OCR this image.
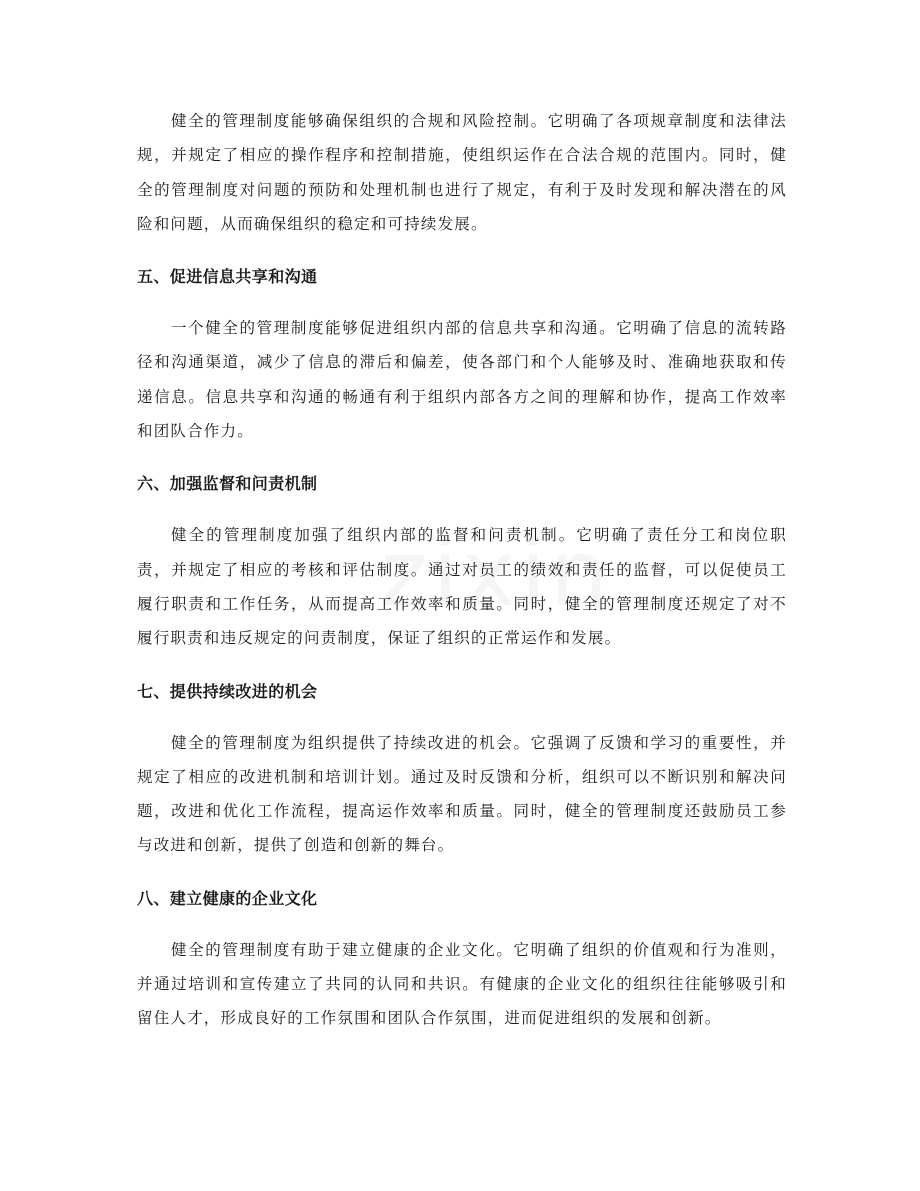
健全的管理制度能够确保组织的合规和风险控制。它明确了各项规章制度和法律法规，并规定了相应的操作程序和控制措施，使组织运作在合法合规的范围内。同时，健全的管理制度对问题的预防和处理机制也进行了规定，有利于及时发现和解决潜在的风险和问题，从而确保组织的稳定和可持续发展。

五、促进信息共享和沟通

一个健全的管理制度能够促进组织内部的信息共享和沟通。它明确了信息的流转路径和沟通渠道，减少了信息的滞后和偏差，使各部门和个人能够及时、准确地获取和传递信息。信息共享和沟通的畅通有利于组织内部各方之间的理解和协作，提高工作效率和团队合作力。

六、加强监督和问责机制

健全的管理制度加强了组织内部的监督和问责机制。它明确了责任分工和岗位职责，并规定了相应的考核和评估制度。通过对员工的绩效和责任的监督，可以促使员工履行职责和工作任务，从而提高工作效率和质量。同时，健全的管理制度还规定了对不履行职责和违反规定的问责制度，保证了组织的正常运作和发展。

七、提供持续改进的机会

健全的管理制度为组织提供了持续改进的机会。它强调了反馈和学习的重要性，并规定了相应的改进机制和培训计划。通过及时反馈和分析，组织可以不断识别和解决问题，改进和优化工作流程，提高运作效率和质量。同时，健全的管理制度还鼓励员工参与改进和创新，提供了创造和创新的舞台。

八、建立健康的企业文化

健全的管理制度有助于建立健康的企业文化。它明确了组织的价值观和行为准则，并通过培训和宣传建立了共同的认同和共识。有健康的企业文化的组织往往能够吸引和留住人才，形成良好的工作氛围和团队合作氛围，进而促进组织的发展和创新。
